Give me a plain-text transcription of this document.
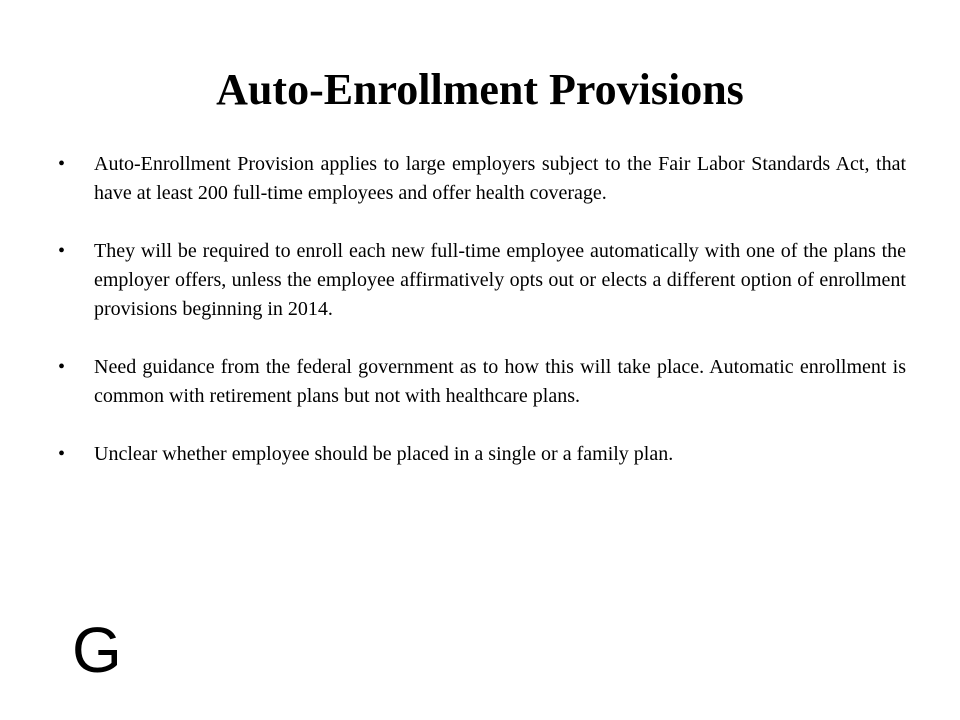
Auto-Enrollment Provisions
•	Auto-Enrollment Provision applies to large employers subject to the Fair Labor Standards Act, that have at least 200 full-time employees and offer health coverage.
•	They will be required to enroll each new full-time employee automatically with one of the plans the employer offers, unless the employee affirmatively opts out or elects a different option of enrollment provisions beginning in 2014.
•	Need guidance from the federal government as to how this will take place. Automatic enrollment is common with retirement plans but not with healthcare plans.
•	Unclear whether employee should be placed in a single or a family plan.
G
